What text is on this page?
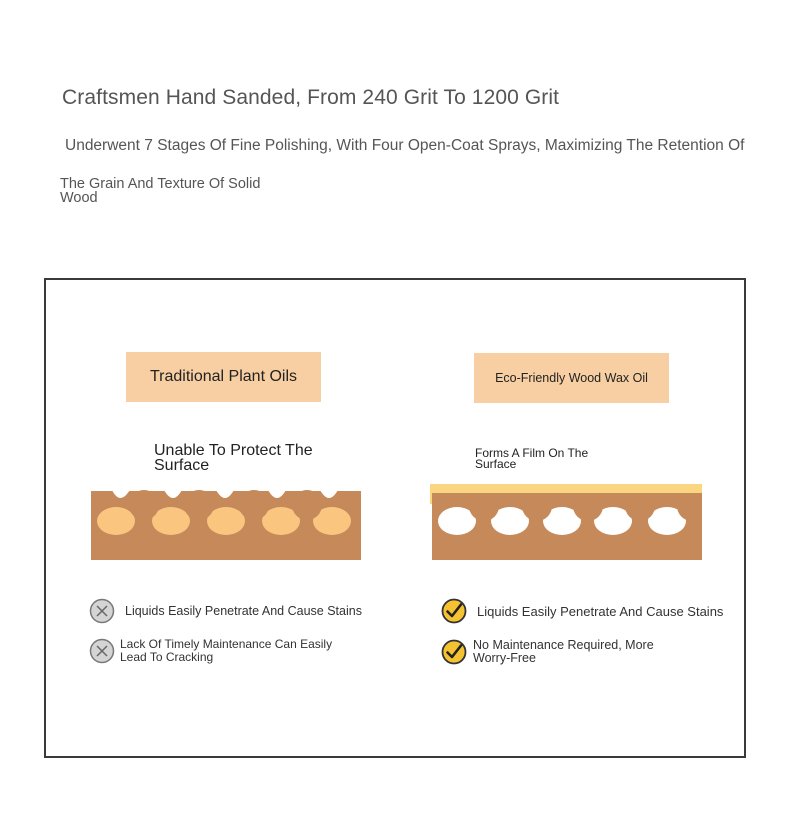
Craftsmen Hand Sanded, From 240 Grit To 1200 Grit
Underwent 7 Stages Of Fine Polishing, With Four Open-Coat Sprays, Maximizing The Retention Of
The Grain And Texture Of Solid Wood
Traditional Plant Oils
Unable To Protect The Surface
Liquids Easily Penetrate And Cause Stains
Lack Of Timely Maintenance Can Easily Lead To Cracking
Eco-Friendly Wood Wax Oil
Forms A Film On The Surface
Liquids Easily Penetrate And Cause Stains
No Maintenance Required, More Worry-Free
